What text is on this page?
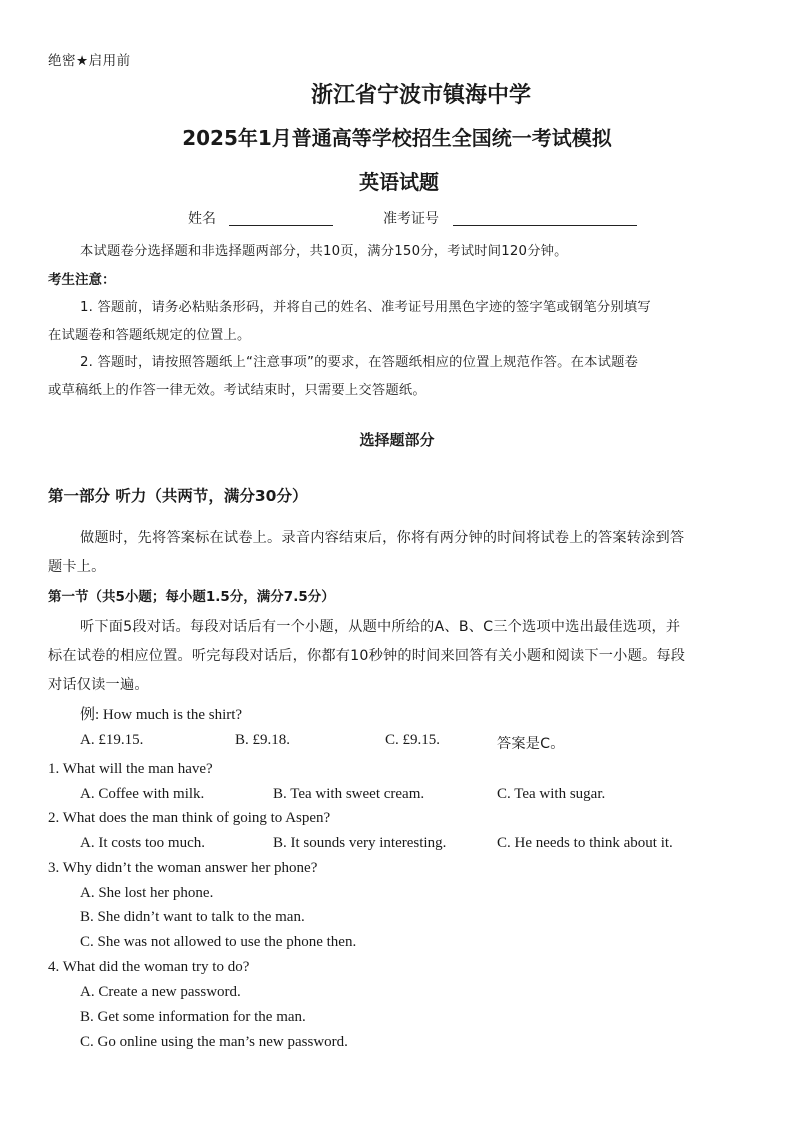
绝密★启用前
浙江省宁波市镇海中学
2025年1月普通高等学校招生全国统一考试模拟
英语试题
姓名	准考证号
本试题卷分选择题和非选择题两部分，共10页，满分150分，考试时间120分钟。
考生注意：
1. 答题前，请务必粘贴条形码，并将自己的姓名、准考证号用黑色字迹的签字笔或钢笔分别填写
在试题卷和答题纸规定的位置上。
2. 答题时，请按照答题纸上“注意事项”的要求，在答题纸相应的位置上规范作答。在本试题卷
或草稿纸上的作答一律无效。考试结束时，只需要上交答题纸。
选择题部分
第一部分 听力（共两节，满分30分）
做题时，先将答案标在试卷上。录音内容结束后，你将有两分钟的时间将试卷上的答案转涂到答
题卡上。
第一节（共5小题；每小题1.5分，满分7.5分）
听下面5段对话。每段对话后有一个小题，从题中所给的A、B、C三个选项中选出最佳选项，并
标在试卷的相应位置。听完每段对话后，你都有10秒钟的时间来回答有关小题和阅读下一小题。每段
对话仅读一遍。
例: How much is the shirt?
A. £19.15.	B. £9.18.	C. £9.15.	答案是C。
1. What will the man have?
A. Coffee with milk.	B. Tea with sweet cream.	C. Tea with sugar.
2. What does the man think of going to Aspen?
A. It costs too much.	B. It sounds very interesting.	C. He needs to think about it.
3. Why didn’t the woman answer her phone?
A. She lost her phone.
B. She didn’t want to talk to the man.
C. She was not allowed to use the phone then.
4. What did the woman try to do?
A. Create a new password.
B. Get some information for the man.
C. Go online using the man’s new password.
